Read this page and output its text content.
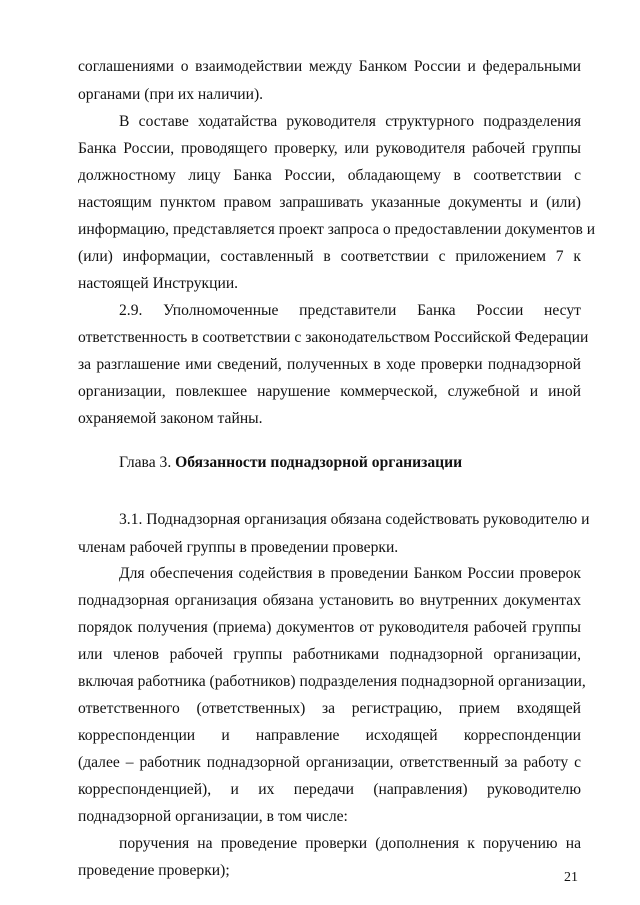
соглашениями о взаимодействии между Банком России и федеральными
органами (при их наличии).
В составе ходатайства руководителя структурного подразделения
Банка России, проводящего проверку, или руководителя рабочей группы
должностному лицу Банка России, обладающему в соответствии с
настоящим пунктом правом запрашивать указанные документы и (или)
информацию, представляется проект запроса о предоставлении документов и
(или) информации, составленный в соответствии с приложением 7 к
настоящей Инструкции.
2.9. Уполномоченные представители Банка России несут
ответственность в соответствии с законодательством Российской Федерации
за разглашение ими сведений, полученных в ходе проверки поднадзорной
организации, повлекшее нарушение коммерческой, служебной и иной
охраняемой законом тайны.
Глава 3. Обязанности поднадзорной организации
3.1. Поднадзорная организация обязана содействовать руководителю и
членам рабочей группы в проведении проверки.
Для обеспечения содействия в проведении Банком России проверок
поднадзорная организация обязана установить во внутренних документах
порядок получения (приема) документов от руководителя рабочей группы
или членов рабочей группы работниками поднадзорной организации,
включая работника (работников) подразделения поднадзорной организации,
ответственного (ответственных) за регистрацию, прием входящей
корреспонденции и направление исходящей корреспонденции
(далее – работник поднадзорной организации, ответственный за работу с
корреспонденцией), и их передачи (направления) руководителю
поднадзорной организации, в том числе:
поручения на проведение проверки (дополнения к поручению на
проведение проверки);	21
